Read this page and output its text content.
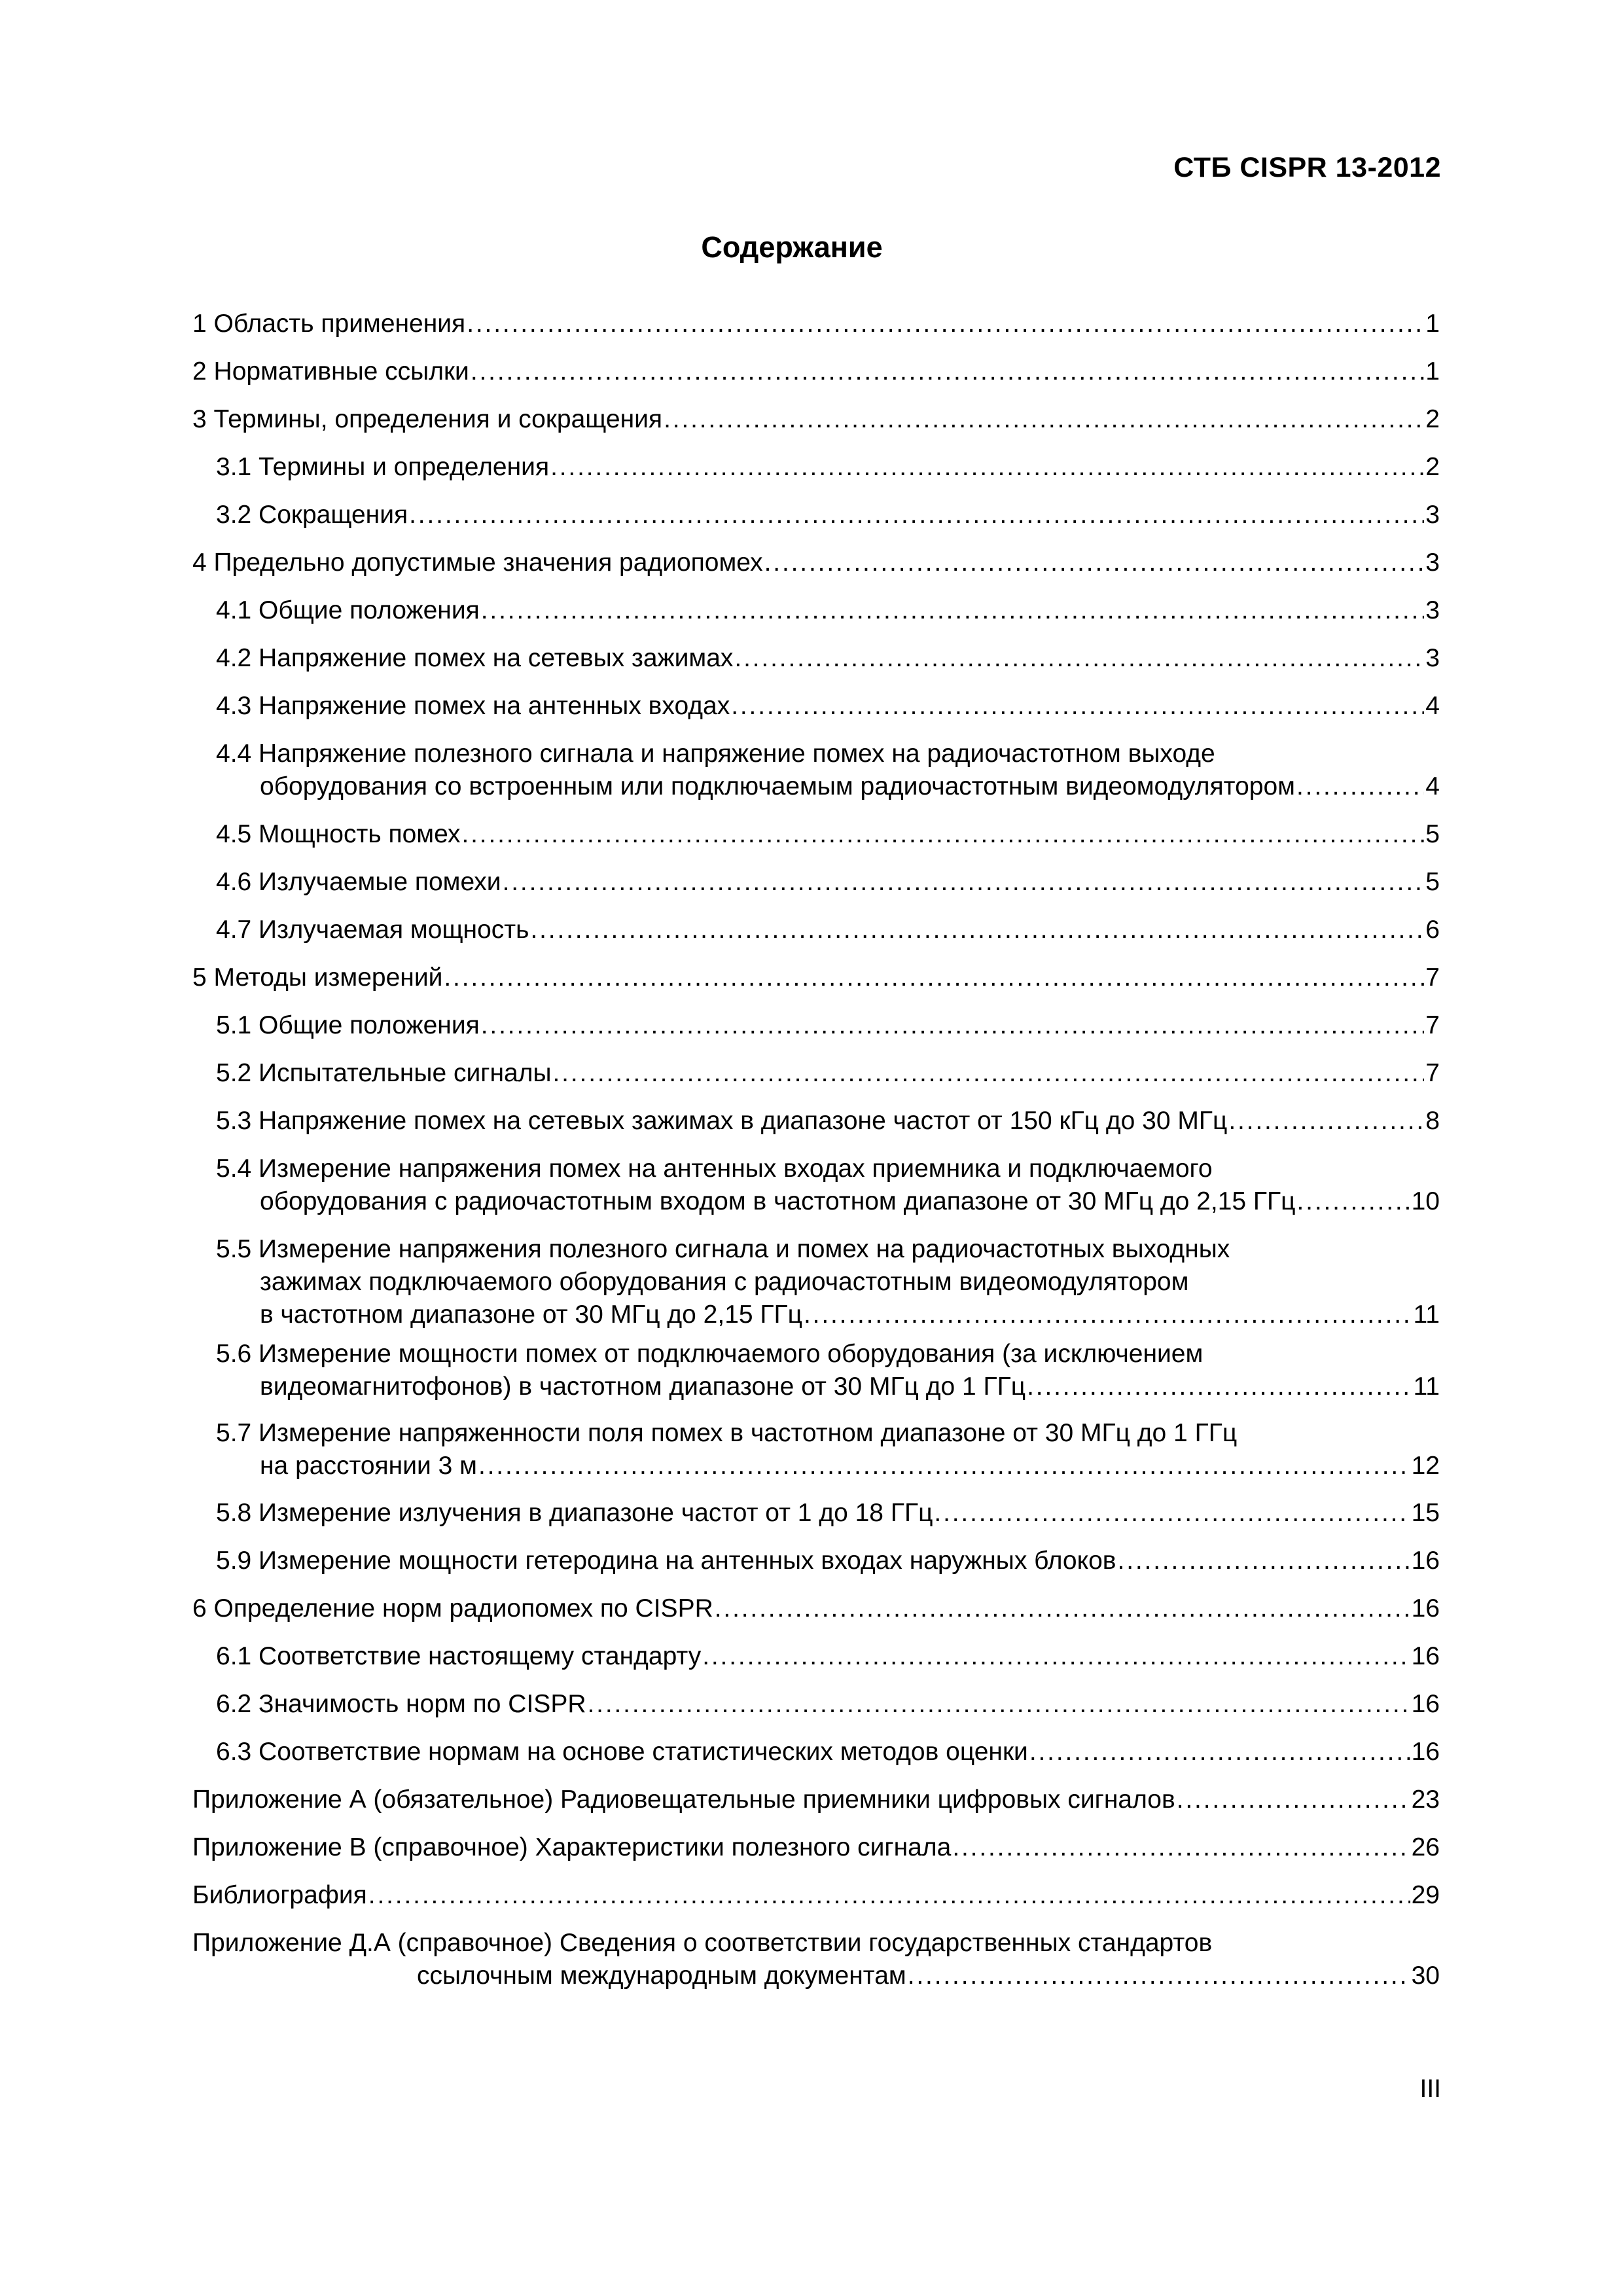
СТБ CISPR 13-2012
Содержание
1 Область применения . . .	1
2 Нормативные ссылки . . .	1
3 Термины, определения и сокращения . . .	2
3.1 Термины и определения . . .	2
3.2 Сокращения . . .	3
4 Предельно допустимые значения радиопомех . . .	3
4.1 Общие положения . . .	3
4.2 Напряжение помех на сетевых зажимах . . .	3
4.3 Напряжение помех на антенных входах . . .	4
4.4 Напряжение полезного сигнала и напряжение помех на радиочастотном выходе
оборудования со встроенным или подключаемым радиочастотным видеомодулятором . . .	4
4.5 Мощность помех . . .	5
4.6 Излучаемые помехи . . .	5
4.7 Излучаемая мощность . . .	6
5 Методы измерений . . .	7
5.1 Общие положения . . .	7
5.2 Испытательные сигналы . . .	7
5.3 Напряжение помех на сетевых зажимах в диапазоне частот от 150 кГц до 30 МГц . . .	8
5.4 Измерение напряжения помех на антенных входах приемника и подключаемого
оборудования с радиочастотным входом в частотном диапазоне от 30 МГц до 2,15 ГГц . . .	10
5.5 Измерение напряжения полезного сигнала и помех на радиочастотных выходных
зажимах подключаемого оборудования с радиочастотным видеомодулятором
в частотном диапазоне от 30 МГц до 2,15 ГГц . . .	11
5.6 Измерение мощности помех от подключаемого оборудования (за исключением
видеомагнитофонов) в частотном диапазоне от 30 МГц до 1 ГГц . . .	11
5.7 Измерение напряженности поля помех в частотном диапазоне от 30 МГц до 1 ГГц
на расстоянии 3 м . . .	12
5.8 Измерение излучения в диапазоне частот от 1 до 18 ГГц . . .	15
5.9 Измерение мощности гетеродина на антенных входах наружных блоков . . .	16
6 Определение норм радиопомех по CISPR . . .	16
6.1 Соответствие настоящему стандарту . . .	16
6.2 Значимость норм по CISPR . . .	16
6.3 Соответствие нормам на основе статистических методов оценки . . .	16
Приложение А (обязательное) Радиовещательные приемники цифровых сигналов . . .	23
Приложение В (справочное) Характеристики полезного сигнала . . .	26
Библиография . . .	29
Приложение Д.А (справочное) Сведения о соответствии государственных стандартов
ссылочным международным документам . . .	30
III
